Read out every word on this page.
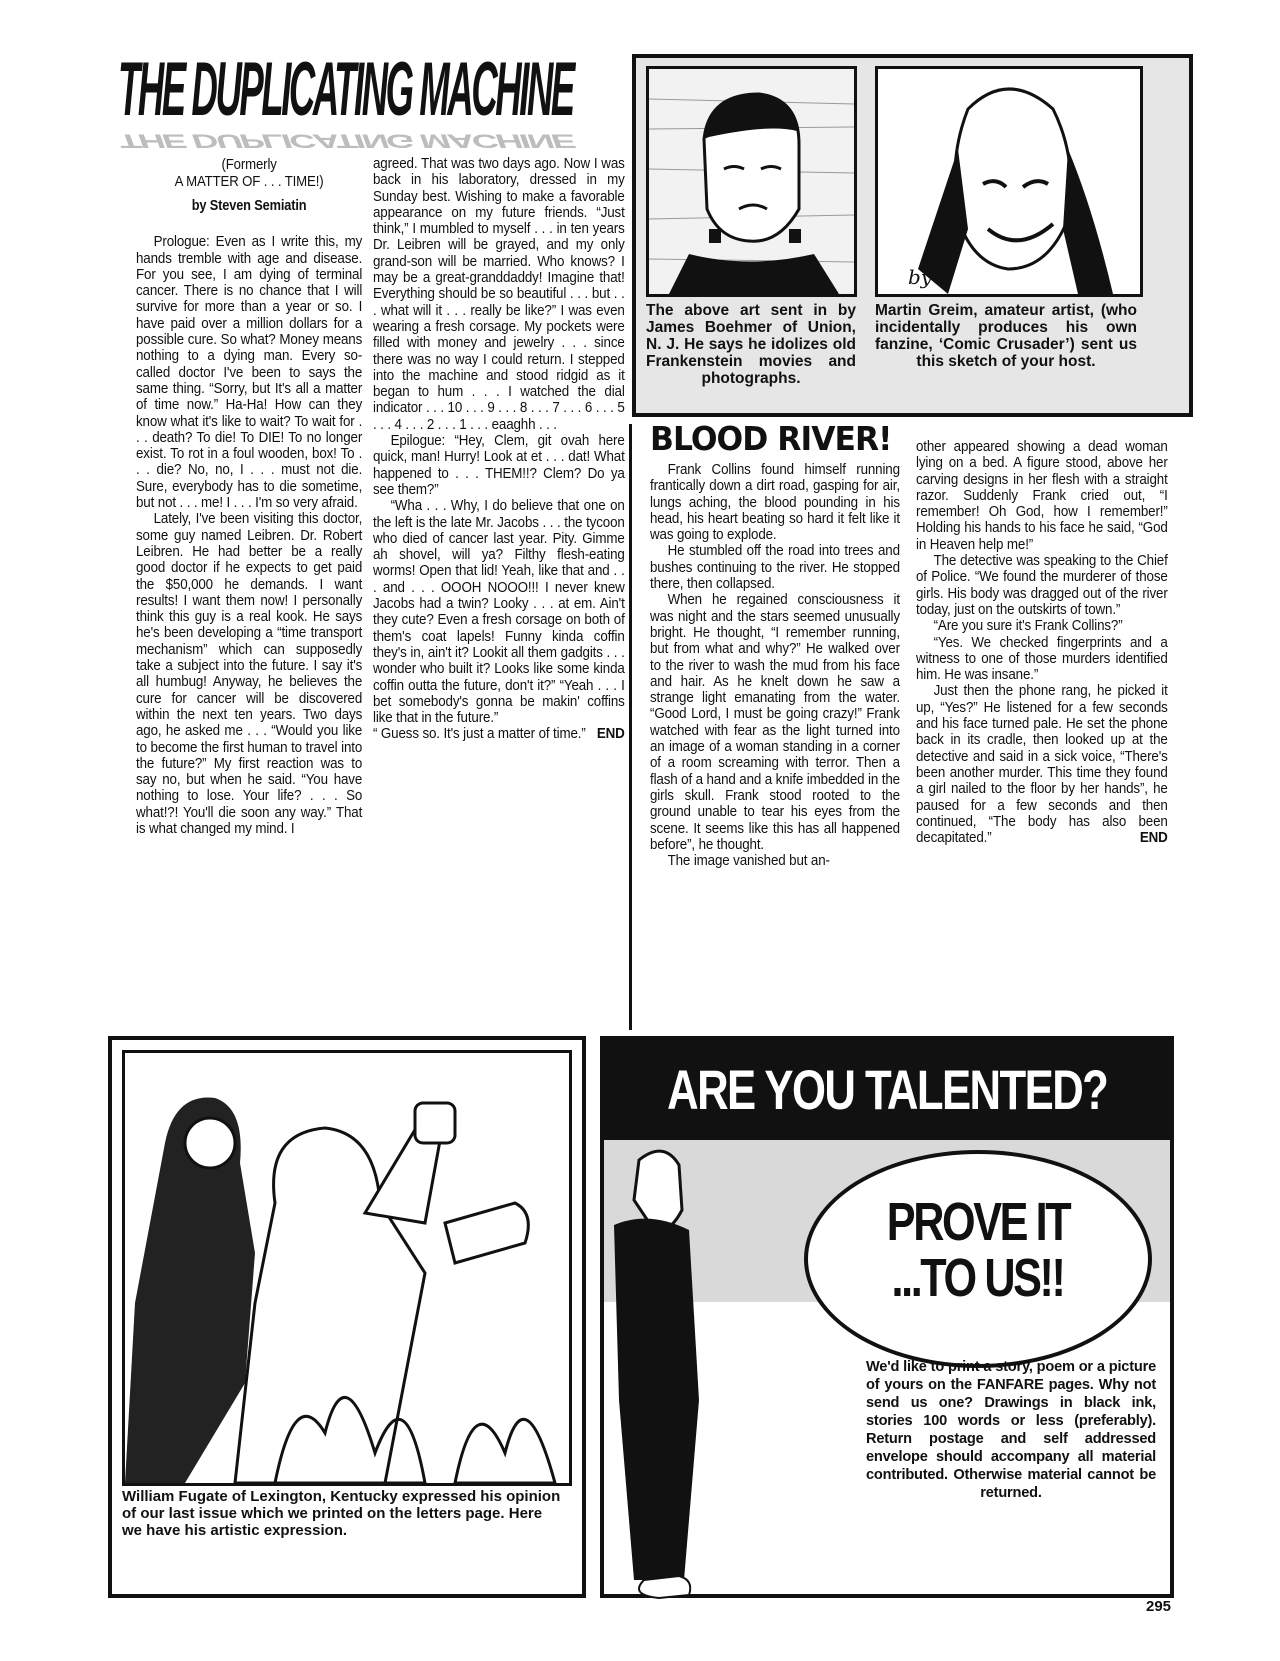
THE DUPLICATING MACHINE
THE DUPLICATING MACHINE
(Formerly
A MATTER OF . . . TIME!)
by Steven Semiatin

Prologue: Even as I write this, my hands tremble with age and disease. For you see, I am dying of terminal cancer. There is no chance that I will survive for more than a year or so. I have paid over a million dollars for a possible cure. So what? Money means nothing to a dying man. Every so-called doctor I've been to says the same thing. “Sorry, but It's all a matter of time now.” Ha-Ha! How can they know what it's like to wait? To wait for . . . death? To die! To DIE! To no longer exist. To rot in a foul wooden, box! To . . . die? No, no, I . . . must not die. Sure, everybody has to die sometime, but not . . . me! I . . . I'm so very afraid.

Lately, I've been visiting this doctor, some guy named Leibren. Dr. Robert Leibren. He had better be a really good doctor if he expects to get paid the $50,000 he demands. I want results! I want them now! I personally think this guy is a real kook. He says he's been developing a “time transport mechanism” which can supposedly take a subject into the future. I say it's all humbug! Anyway, he believes the cure for cancer will be discovered within the next ten years. Two days ago, he asked me . . . “Would you like to become the first human to travel into the future?” My first reaction was to say no, but when he said. “You have nothing to lose. Your life? . . . So what!?! You'll die soon any way.” That is what changed my mind. I

agreed. That was two days ago. Now I was back in his laboratory, dressed in my Sunday best. Wishing to make a favorable appearance on my future friends. “Just think,” I mumbled to myself . . . in ten years Dr. Leibren will be grayed, and my only grand-son will be married. Who knows? I may be a great-granddaddy! Imagine that! Everything should be so beautiful . . . but . . . what will it . . . really be like?” I was even wearing a fresh corsage. My pockets were filled with money and jewelry . . . since there was no way I could return. I stepped into the machine and stood ridgid as it began to hum . . . I watched the dial indicator . . . 10 . . . 9 . . . 8 . . . 7 . . . 6 . . . 5 . . . 4 . . . 2 . . . 1 . . . eaaghh . . .

Epilogue: “Hey, Clem, git ovah here quick, man! Hurry! Look at et . . . dat! What happened to . . . THEM!!? Clem? Do ya see them?”

“Wha . . . Why, I do believe that one on the left is the late Mr. Jacobs . . . the tycoon who died of cancer last year. Pity. Gimme ah shovel, will ya? Filthy flesh-eating worms! Open that lid! Yeah, like that and . . . and . . . OOOH NOOO!!! I never knew Jacobs had a twin? Looky . . . at em. Ain't they cute? Even a fresh corsage on both of them's coat lapels! Funny kinda coffin they's in, ain't it? Lookit all them gadgits . . . wonder who built it? Looks like some kinda coffin outta the future, don't it?” “Yeah . . . I bet somebody's gonna be makin' coffins like that in the future.”

“ Guess so. It's just a matter of time.” END

by
The above art sent in by James Boehmer of Union, N. J. He says he idolizes old Frankenstein movies and photographs.
Martin Greim, amateur artist, (who incidentally produces his own fanzine, ‘Comic Crusader’) sent us this sketch of your host.
BLOOD RIVER!

Frank Collins found himself running frantically down a dirt road, gasping for air, lungs aching, the blood pounding in his head, his heart beating so hard it felt like it was going to explode.

He stumbled off the road into trees and bushes continuing to the river. He stopped there, then collapsed.

When he regained consciousness it was night and the stars seemed unusually bright. He thought, “I remember running, but from what and why?” He walked over to the river to wash the mud from his face and hair. As he knelt down he saw a strange light emanating from the water. “Good Lord, I must be going crazy!” Frank watched with fear as the light turned into an image of a woman standing in a corner of a room screaming with terror. Then a flash of a hand and a knife imbedded in the girls skull. Frank stood rooted to the ground unable to tear his eyes from the scene. It seems like this has all happened before”, he thought.

The image vanished but an-

other appeared showing a dead woman lying on a bed. A figure stood, above her carving designs in her flesh with a straight razor. Suddenly Frank cried out, “I remember! Oh God, how I remember!” Holding his hands to his face he said, “God in Heaven help me!”

The detective was speaking to the Chief of Police. “We found the murderer of those girls. His body was dragged out of the river today, just on the outskirts of town.”

“Are you sure it's Frank Collins?”

“Yes. We checked fingerprints and a witness to one of those murders identified him. He was insane.”

Just then the phone rang, he picked it up, “Yes?” He listened for a few seconds and his face turned pale. He set the phone back in its cradle, then looked up at the detective and said in a sick voice, “There's been another murder. This time they found a girl nailed to the floor by her hands”, he paused for a few seconds and then continued, “The body has also been decapitated.”	END

William Fugate of Lexington, Kentucky expressed his opinion of our last issue which we printed on the letters page. Here we have his artistic expression.
ARE YOU TALENTED?
PROVE IT
...TO US!!
We'd like to print a story, poem or a picture of yours on the FANFARE pages. Why not send us one? Drawings in black ink, stories 100 words or less (preferably). Return postage and self addressed envelope should accompany all material contributed. Otherwise material cannot be returned.
295
